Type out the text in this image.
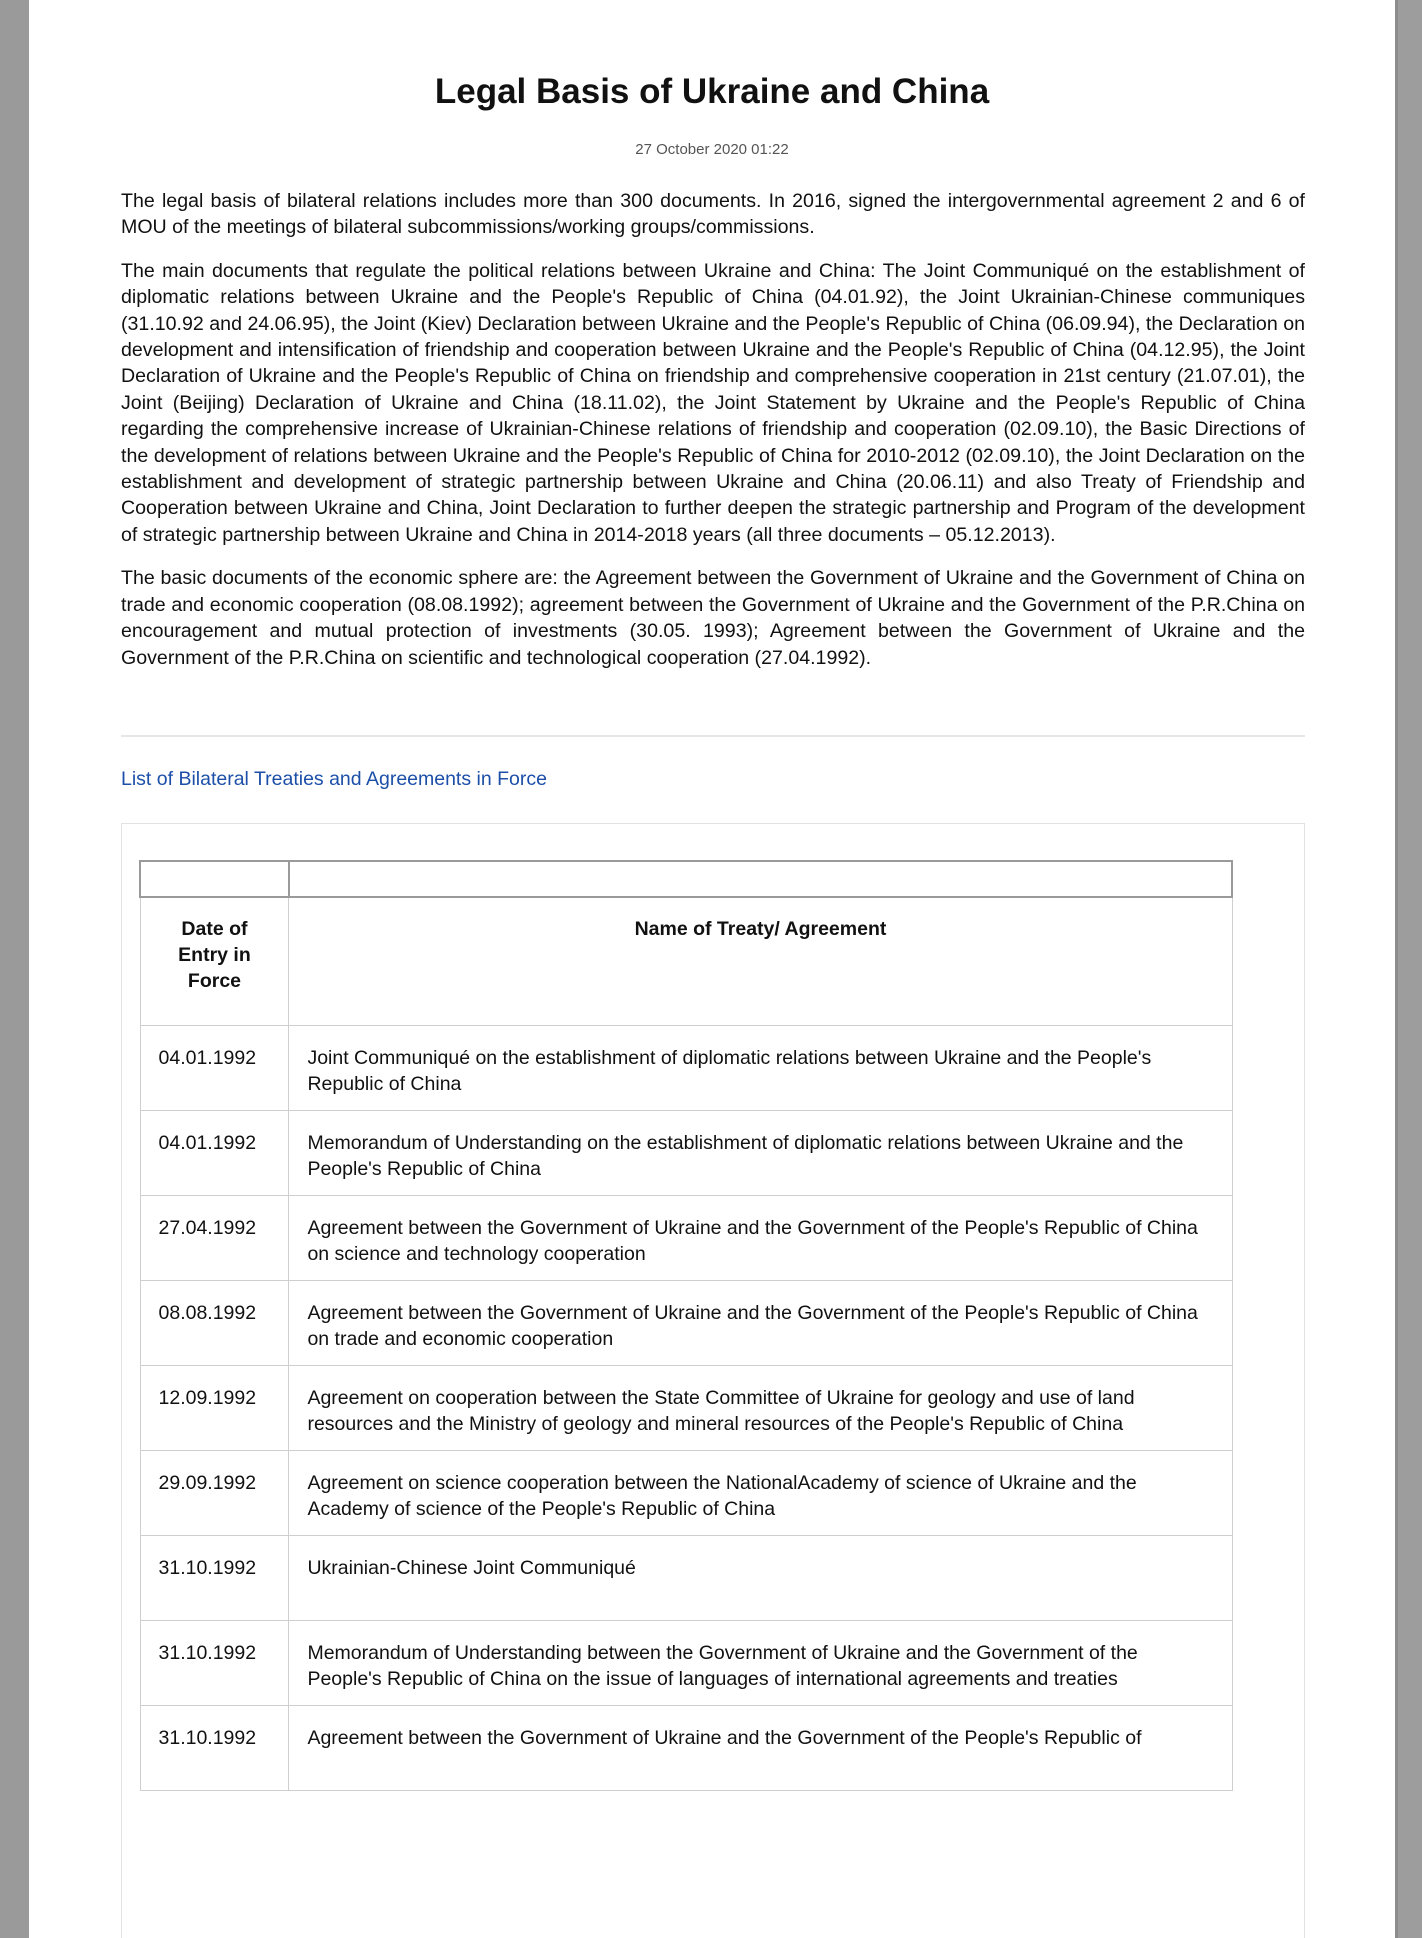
Legal Basis of Ukraine and China
27 October 2020 01:22

The legal basis of bilateral relations includes more than 300 documents. In 2016, signed the intergovernmental agreement 2 and 6 of MOU of the meetings of bilateral subcommissions/working groups/commissions.

The main documents that regulate the political relations between Ukraine and China: The Joint Communiqué on the establishment of diplomatic relations between Ukraine and the People's Republic of China (04.01.92), the Joint Ukrainian-Chinese communiques (31.10.92 and 24.06.95), the Joint (Kiev) Declaration between Ukraine and the People's Republic of China (06.09.94), the Declaration on development and intensification of friendship and cooperation between Ukraine and the People's Republic of China (04.12.95), the Joint Declaration of Ukraine and the People's Republic of China on friendship and comprehensive cooperation in 21st century (21.07.01), the Joint (Beijing) Declaration of Ukraine and China (18.11.02), the Joint Statement by Ukraine and the People's Republic of China regarding the comprehensive increase of Ukrainian-Chinese relations of friendship and cooperation (02.09.10), the Basic Directions of the development of relations between Ukraine and the People's Republic of China for 2010-2012 (02.09.10), the Joint Declaration on the establishment and development of strategic partnership between Ukraine and China (20.06.11) and also Treaty of Friendship and Cooperation between Ukraine and China, Joint Declaration to further deepen the strategic partnership and Program of the development of strategic partnership between Ukraine and China in 2014-2018 years (all three documents – 05.12.2013).

The basic documents of the economic sphere are: the Agreement between the Government of Ukraine and the Government of China on trade and economic cooperation (08.08.1992); agreement between the Government of Ukraine and the Government of the P.R.China on encouragement and mutual protection of investments (30.05. 1993); Agreement between the Government of Ukraine and the Government of the P.R.China on scientific and technological cooperation (27.04.1992).

List of Bilateral Treaties and Agreements in Force

Date of Entry in Force	Name of Treaty/ Agreement
04.01.1992	Joint Communiqué on the establishment of diplomatic relations between Ukraine and the People's Republic of China
04.01.1992	Memorandum of Understanding on the establishment of diplomatic relations between Ukraine and the People's Republic of China
27.04.1992	Agreement between the Government of Ukraine and the Government of the People's Republic of China on science and technology cooperation
08.08.1992	Agreement between the Government of Ukraine and the Government of the People's Republic of China on trade and economic cooperation
12.09.1992	Agreement on cooperation between the State Committee of Ukraine for geology and use of land resources and the Ministry of geology and mineral resources of the People's Republic of China
29.09.1992	Agreement on science cooperation between the NationalAcademy of science of Ukraine and the Academy of science of the People's Republic of China
31.10.1992	Ukrainian-Chinese Joint Communiqué
31.10.1992	Memorandum of Understanding between the Government of Ukraine and the Government of the People's Republic of China on the issue of languages of international agreements and treaties
31.10.1992	Agreement between the Government of Ukraine and the Government of the People's Republic of
